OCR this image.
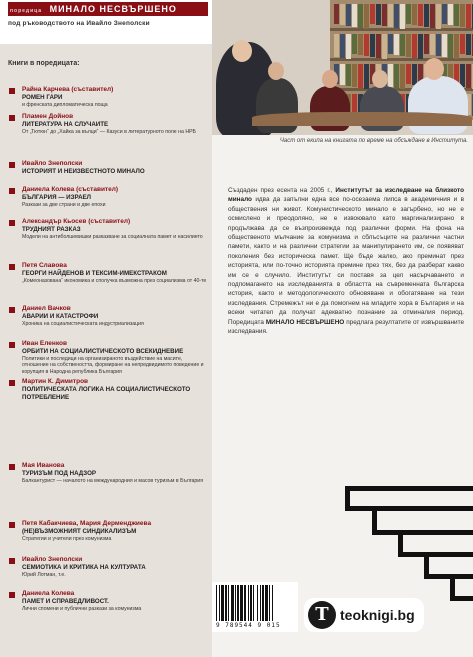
поредица МИНАЛО НЕСВЪРШЕНО
под ръководството на Ивайло Знеполски
Книги в поредицата:
Райна Карчева (съставител)
РОМЕН ГАРИ
и френската дипломатическа поща
Пламен Дойнов
ЛИТЕРАТУРА НА СЛУЧАИТЕ
От „Тютюн“ до „Хайка за вълци“ — Казуси в литературното поле на НРБ
Ивайло Знеполски
ИСТОРИЯТ И НЕИЗВЕСТНОТО МИНАЛО
Даниела Колева (съставител)
БЪЛГАРИЯ — ИЗРАЕЛ
Разкази за две страни и две епохи
Александър Кьосев (съставител)
ТРУДНИЯТ РАЗКАЗ
Модели на антиболшевишки разказване за социалната памет и насилието
Петя Славова
ГЕОРГИ НАЙДЕНОВ И ТЕКСИМ-ИМЕКСТРАКОМ
„Комеоназованa“ икономика и сполучка възможна през социализма от 40-те
Даниел Вачков
АВАРИИ И КАТАСТРОФИ
Хроника на социалистическата индустриализация
Иван Еленков
ОРБИТИ НА СОЦИАЛИСТИЧЕСКОТО ВСЕКИДНЕВИЕ
Политики и последици на организираното въздействие на масите, отношение на собствеността, формиране на непредвидимото поведение и корупция в Народна република България
Мартин К. Димитров
ПОЛИТИЧЕСКАТА ЛОГИКА НА СОЦИАЛИСТИЧЕСКОТО ПОТРЕБЛЕНИЕ
Мая Иванова
ТУРИЗЪМ ПОД НАДЗОР
Балкантурист — началото на международния и масов туризъм в България
Петя Кабакчиева, Мария Дерменджиева
(НЕ)ВЪЗМОЖНИЯТ СИНДИКАЛИЗЪМ
Стратегии и учители през комунизма
Ивайло Знеполски
СЕМИОТИКА И КРИТИКА НА КУЛТУРАТА
Юрий Лотман, т.е.
Даниела Колева
ПАМЕТ И СПРАВЕДЛИВОСТ.
Лични спомени и публични разкази за комунизма
Част от екипа на книгата по време на обсъждане в Института.
Създаден през есента на 2005 г., Институтът за изследване на близкото минало идва да запълни една все по-осезаема липса в академичния и в обществения ни живот. Комунистическото минало е загърбено, но не е осмислено и преодоляно, не е извоювало като маргинализирано в продължава да се възпроизвежда под различни форми. На фона на общественото мълчание за комунизма и сблъсъците на различни частни памети, както и на различни стратегии за манипулирането им, се появяват поколения без историческа памет. Ще бъде жалко, ако преминат през историята, или по-точно историята премине през тях, без да разберат какво им се е случило. Институтът си поставя за цел насърчаването и подпомагането на изследванията в областта на съвременната българска история, както и методологическото обновяване и обогатяване на тези изследвания. Стремежът ни е да помогнем на младите хора в България и на всеки читател да получат адекватно познание за отминалия период. Поредицата МИНАЛО НЕСВЪРШЕНО предлага резултатите от извършваните изследвания.
9 789544 9 015
T teoknigi.bg
